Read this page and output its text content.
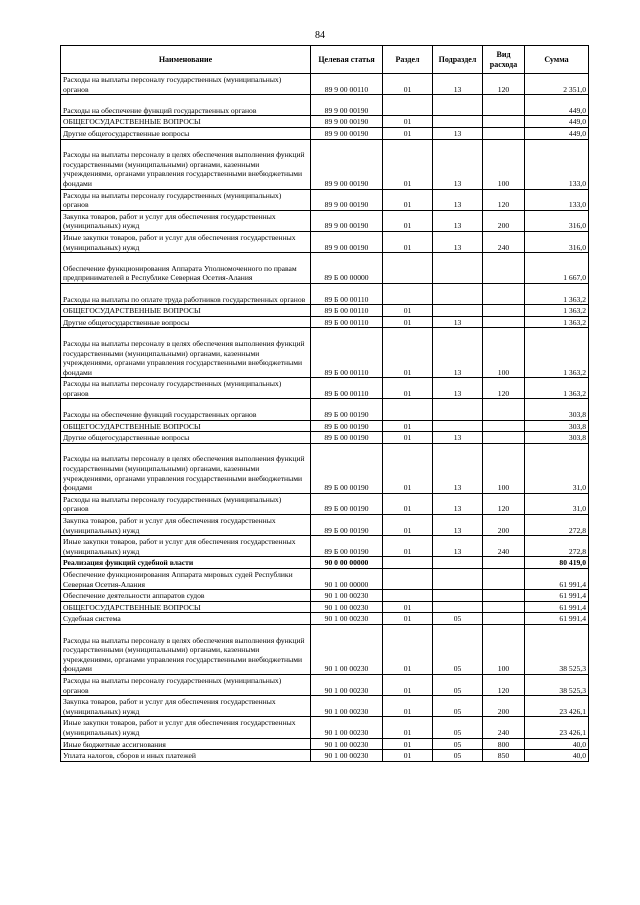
84
Наименование	Целевая статья	Раздел	Подраздел	Вид расхода	Сумма
Расходы на выплаты персоналу государственных (муниципальных) органов	89 9 00 00110	01	13	120	2 351,0
Расходы на обеспечение функций государственных органов	89 9 00 00190				449,0
ОБЩЕГОСУДАРСТВЕННЫЕ ВОПРОСЫ	89 9 00 00190	01			449,0
Другие общегосударственные вопросы	89 9 00 00190	01	13		449,0
Расходы на выплаты персоналу в целях обеспечения выполнения функций государственными (муниципальными) органами, казенными учреждениями, органами управления государственными внебюджетными фондами	89 9 00 00190	01	13	100	133,0
Расходы на выплаты персоналу государственных (муниципальных) органов	89 9 00 00190	01	13	120	133,0
Закупка товаров, работ и услуг для обеспечения государственных (муниципальных) нужд	89 9 00 00190	01	13	200	316,0
Иные закупки товаров, работ и услуг для обеспечения государственных (муниципальных) нужд	89 9 00 00190	01	13	240	316,0
Обеспечение функционирования Аппарата Уполномоченного по правам предпринимателей в Республике Северная Осетия-Алания	89 Б 00 00000				1 667,0
Расходы на выплаты по оплате труда работников государственных органов	89 Б 00 00110				1 363,2
ОБЩЕГОСУДАРСТВЕННЫЕ ВОПРОСЫ	89 Б 00 00110	01			1 363,2
Другие общегосударственные вопросы	89 Б 00 00110	01	13		1 363,2
Расходы на выплаты персоналу в целях обеспечения выполнения функций государственными (муниципальными) органами, казенными учреждениями, органами управления государственными внебюджетными фондами	89 Б 00 00110	01	13	100	1 363,2
Расходы на выплаты персоналу государственных (муниципальных) органов	89 Б 00 00110	01	13	120	1 363,2
Расходы на обеспечение функций государственных органов	89 Б 00 00190				303,8
ОБЩЕГОСУДАРСТВЕННЫЕ ВОПРОСЫ	89 Б 00 00190	01			303,8
Другие общегосударственные вопросы	89 Б 00 00190	01	13		303,8
Расходы на выплаты персоналу в целях обеспечения выполнения функций государственными (муниципальными) органами, казенными учреждениями, органами управления государственными внебюджетными фондами	89 Б 00 00190	01	13	100	31,0
Расходы на выплаты персоналу государственных (муниципальных) органов	89 Б 00 00190	01	13	120	31,0
Закупка товаров, работ и услуг для обеспечения государственных (муниципальных) нужд	89 Б 00 00190	01	13	200	272,8
Иные закупки товаров, работ и услуг для обеспечения государственных (муниципальных) нужд	89 Б 00 00190	01	13	240	272,8
Реализация функций судебной власти	90 0 00 00000				80 419,0
Обеспечение функционирования Аппарата мировых судей Республики Северная Осетия-Алания	90 1 00 00000				61 991,4
Обеспечение деятельности аппаратов судов	90 1 00 00230				61 991,4
ОБЩЕГОСУДАРСТВЕННЫЕ ВОПРОСЫ	90 1 00 00230	01			61 991,4
Судебная система	90 1 00 00230	01	05		61 991,4
Расходы на выплаты персоналу в целях обеспечения выполнения функций государственными (муниципальными) органами, казенными учреждениями, органами управления государственными внебюджетными фондами	90 1 00 00230	01	05	100	38 525,3
Расходы на выплаты персоналу государственных (муниципальных) органов	90 1 00 00230	01	05	120	38 525,3
Закупка товаров, работ и услуг для обеспечения государственных (муниципальных) нужд	90 1 00 00230	01	05	200	23 426,1
Иные закупки товаров, работ и услуг для обеспечения государственных (муниципальных) нужд	90 1 00 00230	01	05	240	23 426,1
Иные бюджетные ассигнования	90 1 00 00230	01	05	800	40,0
Уплата налогов, сборов и иных платежей	90 1 00 00230	01	05	850	40,0
